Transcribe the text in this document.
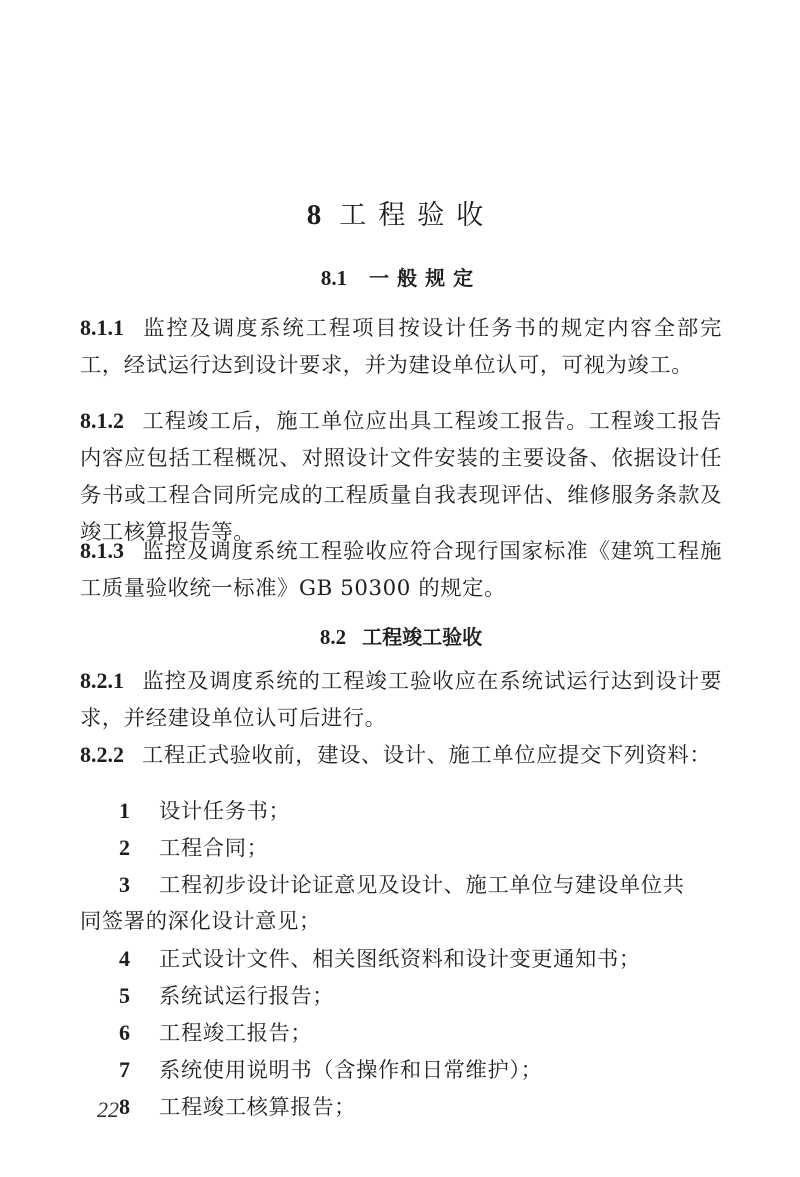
8 工程验收
8.1 一般规定
8.1.1 监控及调度系统工程项目按设计任务书的规定内容全部完工，经试运行达到设计要求，并为建设单位认可，可视为竣工。
8.1.2 工程竣工后，施工单位应出具工程竣工报告。工程竣工报告内容应包括工程概况、对照设计文件安装的主要设备、依据设计任务书或工程合同所完成的工程质量自我表现评估、维修服务条款及竣工核算报告等。
8.1.3 监控及调度系统工程验收应符合现行国家标准《建筑工程施工质量验收统一标准》GB 50300 的规定。
8.2 工程竣工验收
8.2.1 监控及调度系统的工程竣工验收应在系统试运行达到设计要求，并经建设单位认可后进行。
8.2.2 工程正式验收前，建设、设计、施工单位应提交下列资料：
1 设计任务书；
2 工程合同；
3 工程初步设计论证意见及设计、施工单位与建设单位共
同签署的深化设计意见；
4 正式设计文件、相关图纸资料和设计变更通知书；
5 系统试运行报告；
6 工程竣工报告；
7 系统使用说明书（含操作和日常维护）；
8 工程竣工核算报告；
22
